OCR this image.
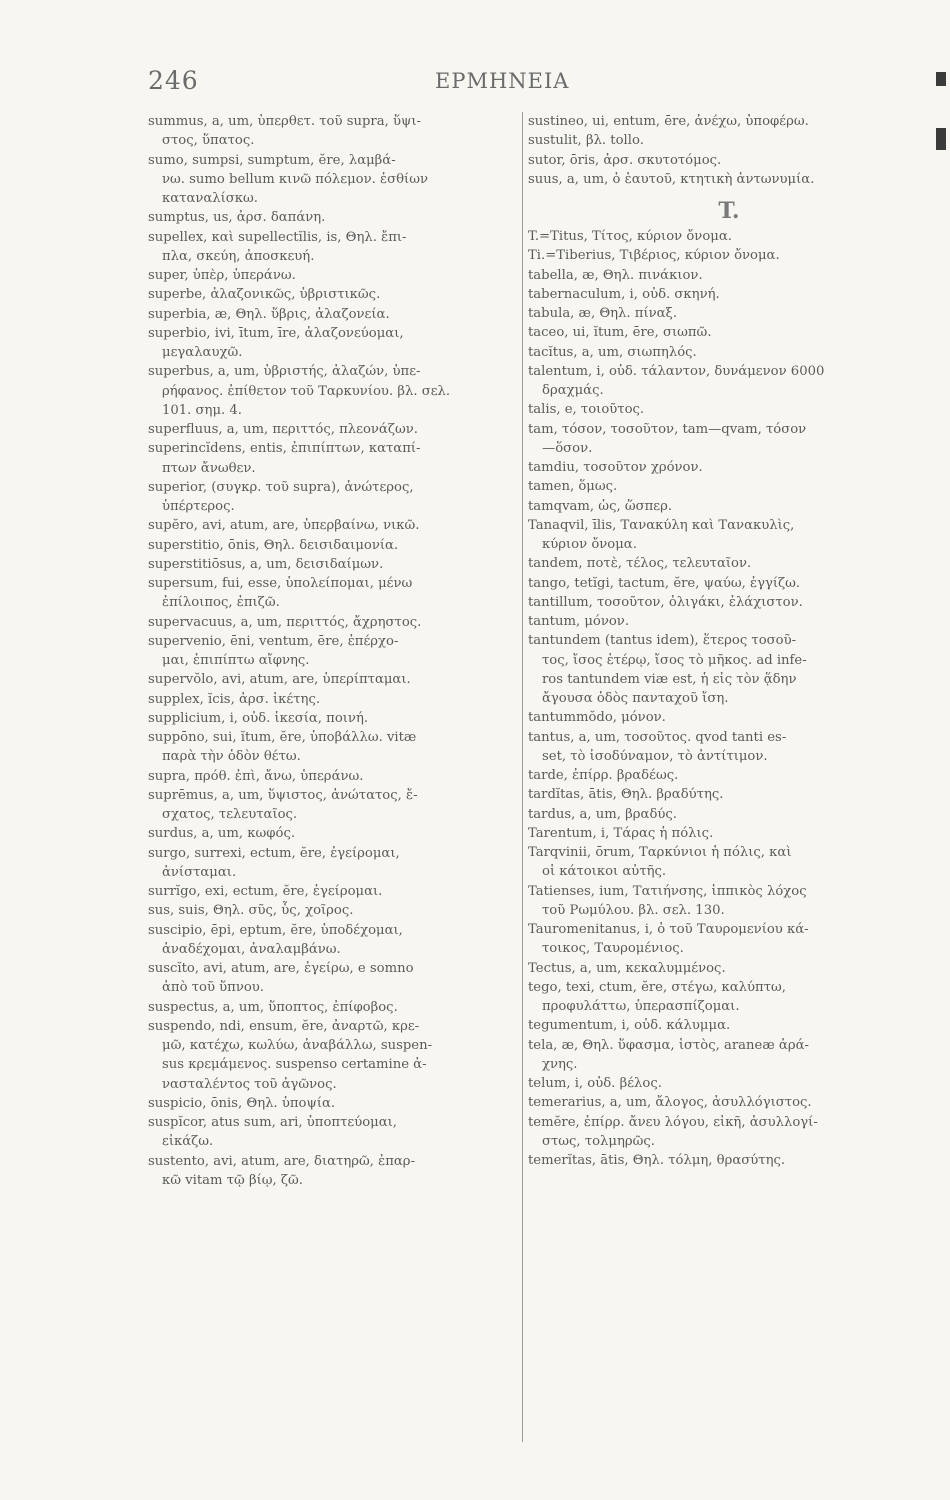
246	ΕΡΜΗΝΕΙΑ
summus, a, um, ὑπερθετ. τοῦ supra, ὕψι-
στος, ὕπατος.
sumo, sumpsi, sumptum, ĕre, λαμβά-
νω. sumo bellum κινῶ πόλεμον. ἐσθίων
καταναλίσκω.
sumptus, us, ἀρσ. δαπάνη.
supellex, καὶ supellectĭlis, is, Θηλ. ἔπι-
πλα, σκεύη, ἀποσκευή.
super, ὑπὲρ, ὑπεράνω.
superbe, ἀλαζονικῶς, ὑβριστικῶς.
superbia, æ, Θηλ. ὕβρις, ἀλαζονεία.
superbio, ivi, ītum, īre, ἀλαζονεύομαι,
μεγαλαυχῶ.
superbus, a, um, ὑβριστής, ἀλαζών, ὑπε-
ρήφανος. ἐπίθετον τοῦ Ταρκυνίου. βλ. σελ.
101. σημ. 4.
superfluus, a, um, περιττός, πλεονάζων.
superincĭdens, entis, ἐπιπίπτων, καταπί-
πτων ἄνωθεν.
superior, (συγκρ. τοῦ supra), ἀνώτερος,
ὑπέρτερος.
supĕro, avi, atum, are, ὑπερβαίνω, νικῶ.
superstitio, ōnis, Θηλ. δεισιδαιμονία.
superstitiōsus, a, um, δεισιδαίμων.
supersum, fui, esse, ὑπολείπομαι, μένω
ἐπίλοιπος, ἐπιζῶ.
supervacuus, a, um, περιττός, ἄχρηστος.
supervenio, ēni, ventum, ēre, ἐπέρχο-
μαι, ἐπιπίπτω αἴφνης.
supervŏlo, avi, atum, are, ὑπερίπταμαι.
supplex, ĭcis, ἀρσ. ἱκέτης.
supplicium, i, οὐδ. ἱκεσία, ποινή.
suppōno, sui, ĭtum, ĕre, ὑποβάλλω. vitæ
παρὰ τὴν ὁδὸν θέτω.
supra, πρόθ. ἐπὶ, ἄνω, ὑπεράνω.
suprēmus, a, um, ὕψιστος, ἀνώτατος, ἔ-
σχατος, τελευταῖος.
surdus, a, um, κωφός.
surgo, surrexi, ectum, ĕre, ἐγείρομαι,
ἀνίσταμαι.
surrĭgo, exi, ectum, ĕre, ἐγείρομαι.
sus, suis, Θηλ. σῦς, ὗς, χοῖρος.
suscipio, ēpi, eptum, ĕre, ὑποδέχομαι,
ἀναδέχομαι, ἀναλαμβάνω.
suscĭto, avi, atum, are, ἐγείρω, e somno
ἀπὸ τοῦ ὕπνου.
suspectus, a, um, ὕποπτος, ἐπίφοβος.
suspendo, ndi, ensum, ĕre, ἀναρτῶ, κρε-
μῶ, κατέχω, κωλύω, ἀναβάλλω, suspen-
sus κρεμάμενος. suspenso certamine ἀ-
νασταλέντος τοῦ ἀγῶνος.
suspicio, ōnis, Θηλ. ὑποψία.
suspĭcor, atus sum, ari, ὑποπτεύομαι,
εἰκάζω.
sustento, avi, atum, are, διατηρῶ, ἐπαρ-
κῶ vitam τῷ βίῳ, ζῶ.
sustineo, ui, entum, ēre, ἀνέχω, ὑποφέρω.
sustulit, βλ. tollo.
sutor, ōris, ἀρσ. σκυτοτόμος.
suus, a, um, ὁ ἑαυτοῦ, κτητικὴ ἀντωνυμία.
T.
T.=Titus, Τίτος, κύριον ὄνομα.
Ti.=Tiberius, Τιβέριος, κύριον ὄνομα.
tabella, æ, Θηλ. πινάκιον.
tabernaculum, i, οὐδ. σκηνή.
tabula, æ, Θηλ. πίναξ.
taceo, ui, ĭtum, ēre, σιωπῶ.
tacĭtus, a, um, σιωπηλός.
talentum, i, οὐδ. τάλαντον, δυνάμενον 6000
δραχμάς.
talis, e, τοιοῦτος.
tam, τόσον, τοσοῦτον, tam—qvam, τόσον
—ὅσον.
tamdiu, τοσοῦτον χρόνον.
tamen, ὅμως.
tamqvam, ὡς, ὥσπερ.
Tanaqvil, īlis, Τανακύλη καὶ Τανακυλὶς,
κύριον ὄνομα.
tandem, ποτὲ, τέλος, τελευταῖον.
tango, tetĭgi, tactum, ĕre, ψαύω, ἐγγίζω.
tantillum, τοσοῦτον, ὀλιγάκι, ἐλάχιστον.
tantum, μόνον.
tantundem (tantus idem), ἕτερος τοσοῦ-
τος, ἴσος ἑτέρῳ, ἴσος τὸ μῆκος. ad infe-
ros tantundem viæ est, ἡ εἰς τὸν ᾅδην
ἄγουσα ὁδὸς πανταχοῦ ἴση.
tantummŏdo, μόνον.
tantus, a, um, τοσοῦτος. qvod tanti es-
set, τὸ ἰσοδύναμον, τὸ ἀντίτιμον.
tarde, ἐπίρρ. βραδέως.
tardĭtas, ātis, Θηλ. βραδύτης.
tardus, a, um, βραδύς.
Tarentum, i, Τάρας ἡ πόλις.
Tarqvinii, ōrum, Ταρκύνιοι ἡ πόλις, καὶ
οἱ κάτοικοι αὐτῆς.
Tatienses, ium, Τατιήνσης, ἱππικὸς λόχος
τοῦ Ρωμύλου. βλ. σελ. 130.
Tauromenitanus, i, ὁ τοῦ Ταυρομενίου κά-
τοικος, Ταυρομένιος.
Tectus, a, um, κεκαλυμμένος.
tego, texi, ctum, ĕre, στέγω, καλύπτω,
προφυλάττω, ὑπερασπίζομαι.
tegumentum, i, οὐδ. κάλυμμα.
tela, æ, Θηλ. ὕφασμα, ἱστὸς, araneæ ἀρά-
χνης.
telum, i, οὐδ. βέλος.
temerarius, a, um, ἄλογος, ἀσυλλόγιστος.
temĕre, ἐπίρρ. ἄνευ λόγου, εἰκῆ, ἀσυλλογί-
στως, τολμηρῶς.
temerĭtas, ātis, Θηλ. τόλμη, θρασύτης.
